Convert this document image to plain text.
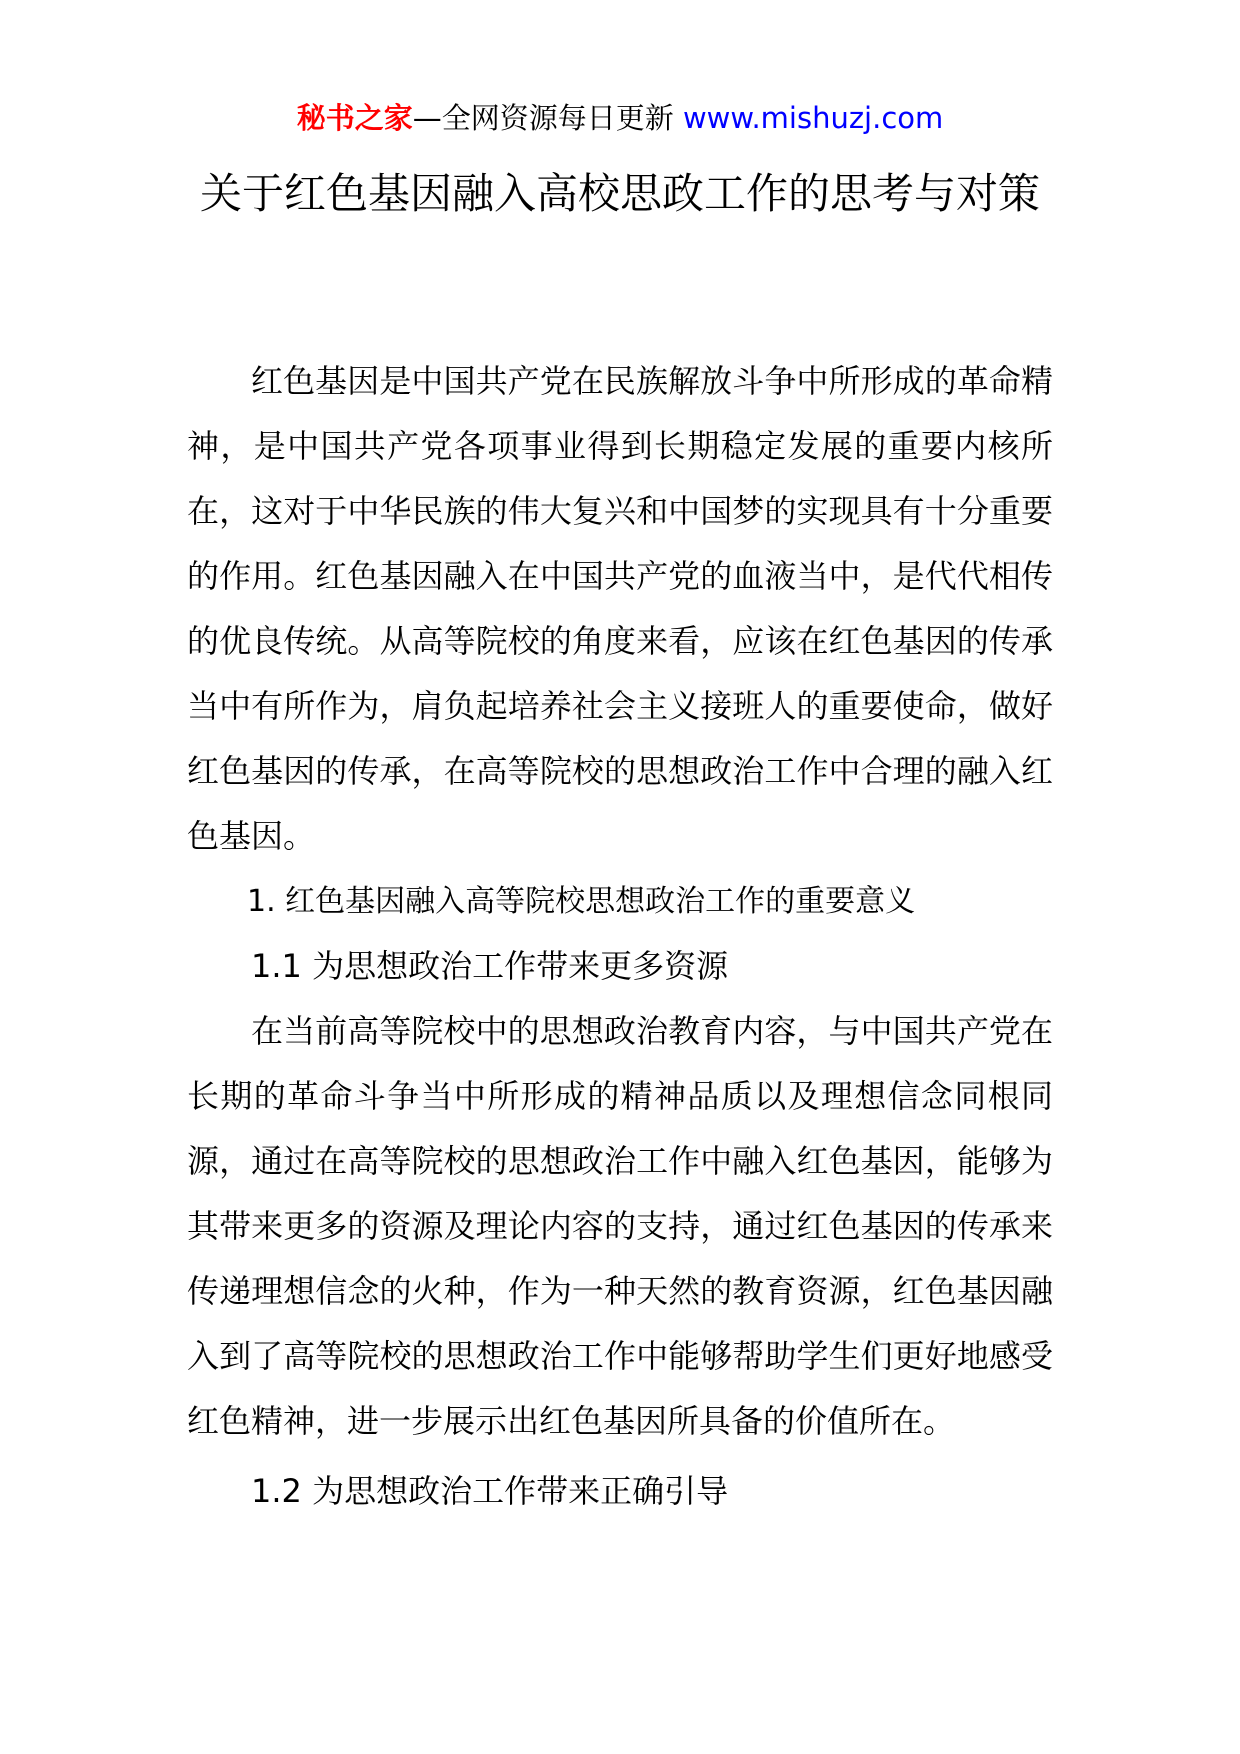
秘书之家—全网资源每日更新 www.mishuzj.com
关于红色基因融入高校思政工作的思考与对策

红色基因是中国共产党在民族解放斗争中所形成的革命精神，是中国共产党各项事业得到长期稳定发展的重要内核所在，这对于中华民族的伟大复兴和中国梦的实现具有十分重要的作用。红色基因融入在中国共产党的血液当中，是代代相传的优良传统。从高等院校的角度来看，应该在红色基因的传承当中有所作为，肩负起培养社会主义接班人的重要使命，做好红色基因的传承，在高等院校的思想政治工作中合理的融入红色基因。

1. 红色基因融入高等院校思想政治工作的重要意义

1.1 为思想政治工作带来更多资源

在当前高等院校中的思想政治教育内容，与中国共产党在长期的革命斗争当中所形成的精神品质以及理想信念同根同源，通过在高等院校的思想政治工作中融入红色基因，能够为其带来更多的资源及理论内容的支持，通过红色基因的传承来传递理想信念的火种，作为一种天然的教育资源，红色基因融入到了高等院校的思想政治工作中能够帮助学生们更好地感受红色精神，进一步展示出红色基因所具备的价值所在。

1.2 为思想政治工作带来正确引导
